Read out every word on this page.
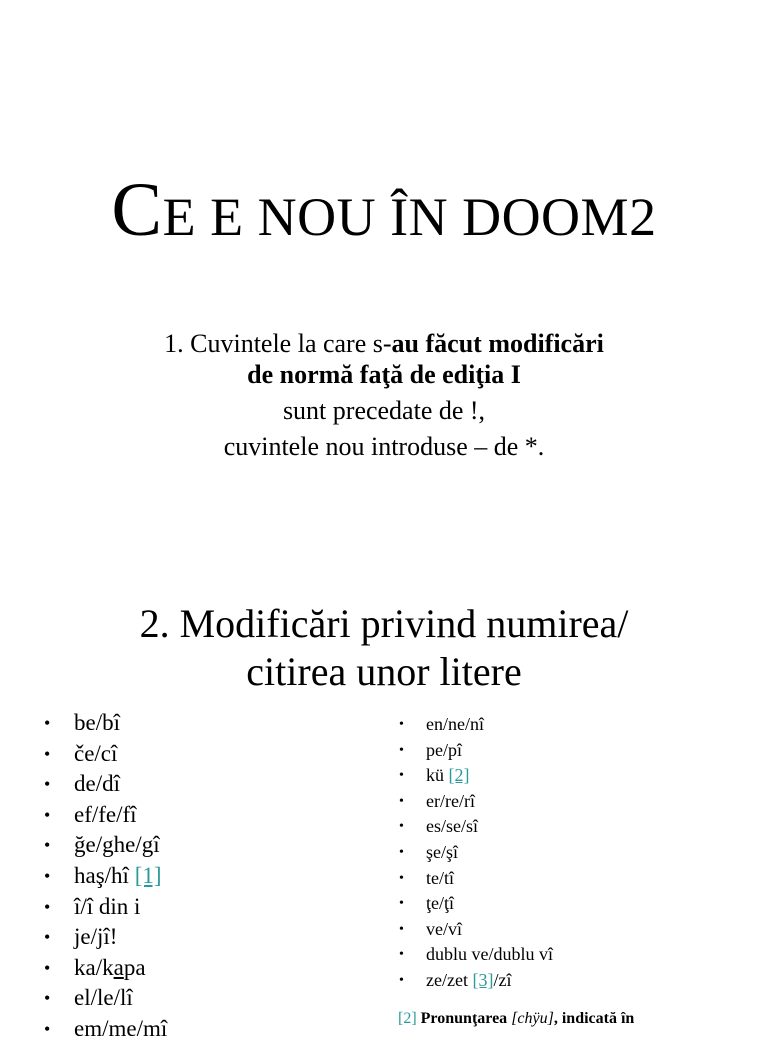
CE E NOU ÎN DOOM2

1. Cuvintele la care s-au făcut modificări

de normă faţă de ediţia I

sunt precedate de !,

cuvintele nou introduse – de *.

2. Modificări privind numirea/

citirea unor litere

• be/bî
• če/cî
• de/dî
• ef/fe/fî
• ğe/ghe/gî
• haş/hî [1]
• î/î din i
• je/jî!
• ka/kapa
• el/le/lî
• em/me/mî
• en/ne/nî
• pe/pî
• kü [2]
• er/re/rî
• es/se/sî
• şe/şî
• te/tî
• ţe/ţî
• ve/vî
• dublu ve/dublu vî
• ze/zet [3]/zî
[2] Pronunţarea [chÿu], indicată în
